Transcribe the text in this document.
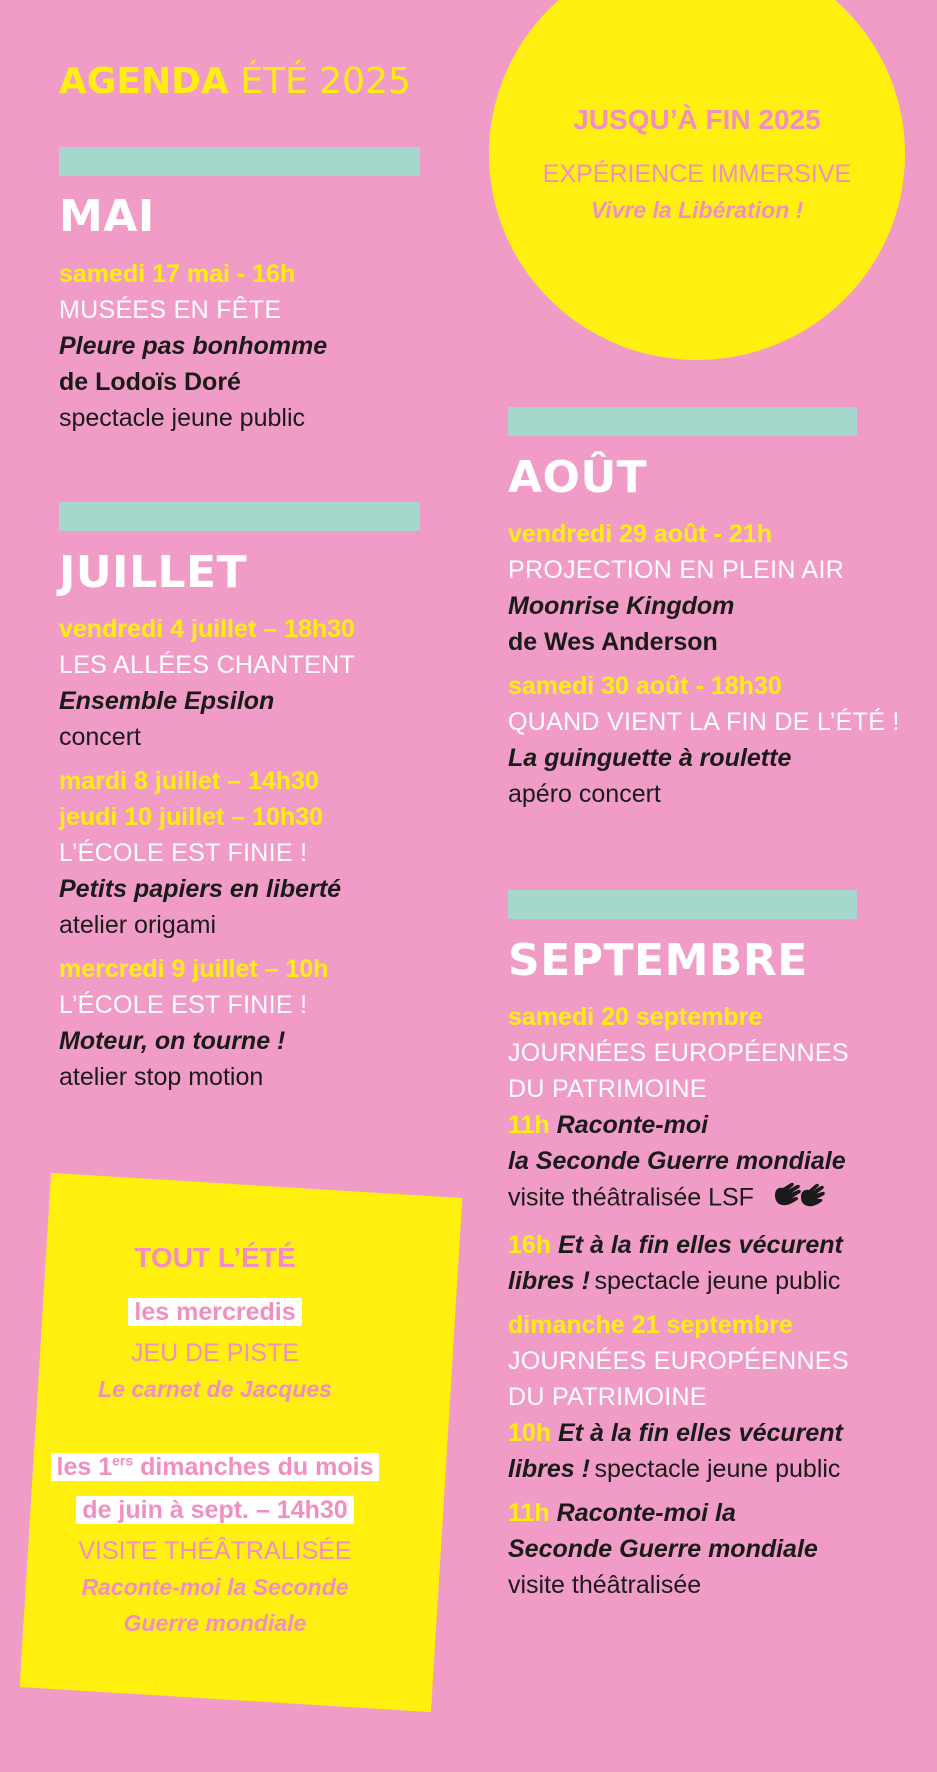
AGENDA ÉTÉ 2025
JUSQU’À FIN 2025
EXPÉRIENCE IMMERSIVE
Vivre la Libération !
MAI
samedi 17 mai - 16h
MUSÉES EN FÊTE
Pleure pas bonhomme
de Lodoïs Doré
spectacle jeune public
JUILLET
vendredi 4 juillet – 18h30
LES ALLÉES CHANTENT
Ensemble Epsilon
concert
mardi 8 juillet – 14h30
jeudi 10 juillet – 10h30
L’ÉCOLE EST FINIE !
Petits papiers en liberté
atelier origami
mercredi 9 juillet – 10h
L’ÉCOLE EST FINIE !
Moteur, on tourne !
atelier stop motion
AOÛT
vendredi 29 août - 21h
PROJECTION EN PLEIN AIR
Moonrise Kingdom
de Wes Anderson
samedi 30 août - 18h30
QUAND VIENT LA FIN DE L’ÉTÉ !
La guinguette à roulette
apéro concert
SEPTEMBRE
samedi 20 septembre
JOURNÉES EUROPÉENNES
DU PATRIMOINE
11h Raconte-moi
la Seconde Guerre mondiale
visite théâtralisée LSF
16h Et à la fin elles vécurent
libres ! spectacle jeune public
dimanche 21 septembre
JOURNÉES EUROPÉENNES
DU PATRIMOINE
10h Et à la fin elles vécurent
libres ! spectacle jeune public
11h Raconte-moi la
Seconde Guerre mondiale
visite théâtralisée
TOUT L’ÉTÉ
les mercredis
JEU DE PISTE
Le carnet de Jacques
les 1ers dimanches du mois
de juin à sept. – 14h30
VISITE THÉÂTRALISÉE
Raconte-moi la Seconde
Guerre mondiale
